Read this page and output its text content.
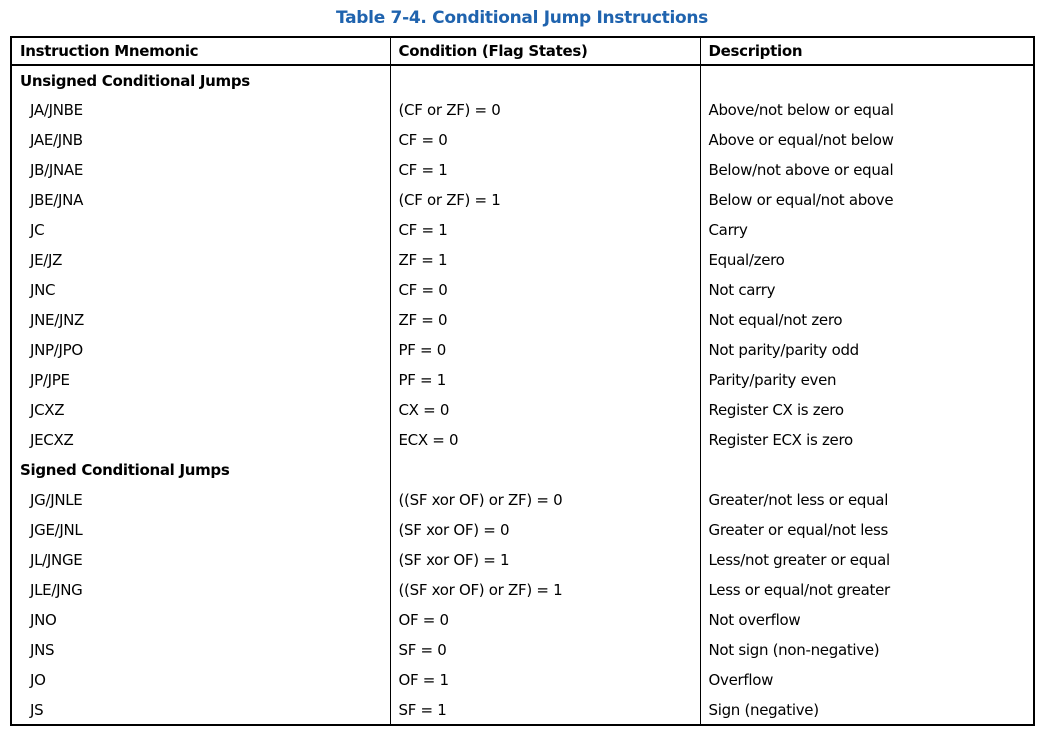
Table 7-4. Conditional Jump Instructions
Instruction Mnemonic	Condition (Flag States)	Description
Unsigned Conditional Jumps		
JA/JNBE	(CF or ZF) = 0	Above/not below or equal
JAE/JNB	CF = 0	Above or equal/not below
JB/JNAE	CF = 1	Below/not above or equal
JBE/JNA	(CF or ZF) = 1	Below or equal/not above
JC	CF = 1	Carry
JE/JZ	ZF = 1	Equal/zero
JNC	CF = 0	Not carry
JNE/JNZ	ZF = 0	Not equal/not zero
JNP/JPO	PF = 0	Not parity/parity odd
JP/JPE	PF = 1	Parity/parity even
JCXZ	CX = 0	Register CX is zero
JECXZ	ECX = 0	Register ECX is zero
Signed Conditional Jumps		
JG/JNLE	((SF xor OF) or ZF) = 0	Greater/not less or equal
JGE/JNL	(SF xor OF) = 0	Greater or equal/not less
JL/JNGE	(SF xor OF) = 1	Less/not greater or equal
JLE/JNG	((SF xor OF) or ZF) = 1	Less or equal/not greater
JNO	OF = 0	Not overflow
JNS	SF = 0	Not sign (non-negative)
JO	OF = 1	Overflow
JS	SF = 1	Sign (negative)
